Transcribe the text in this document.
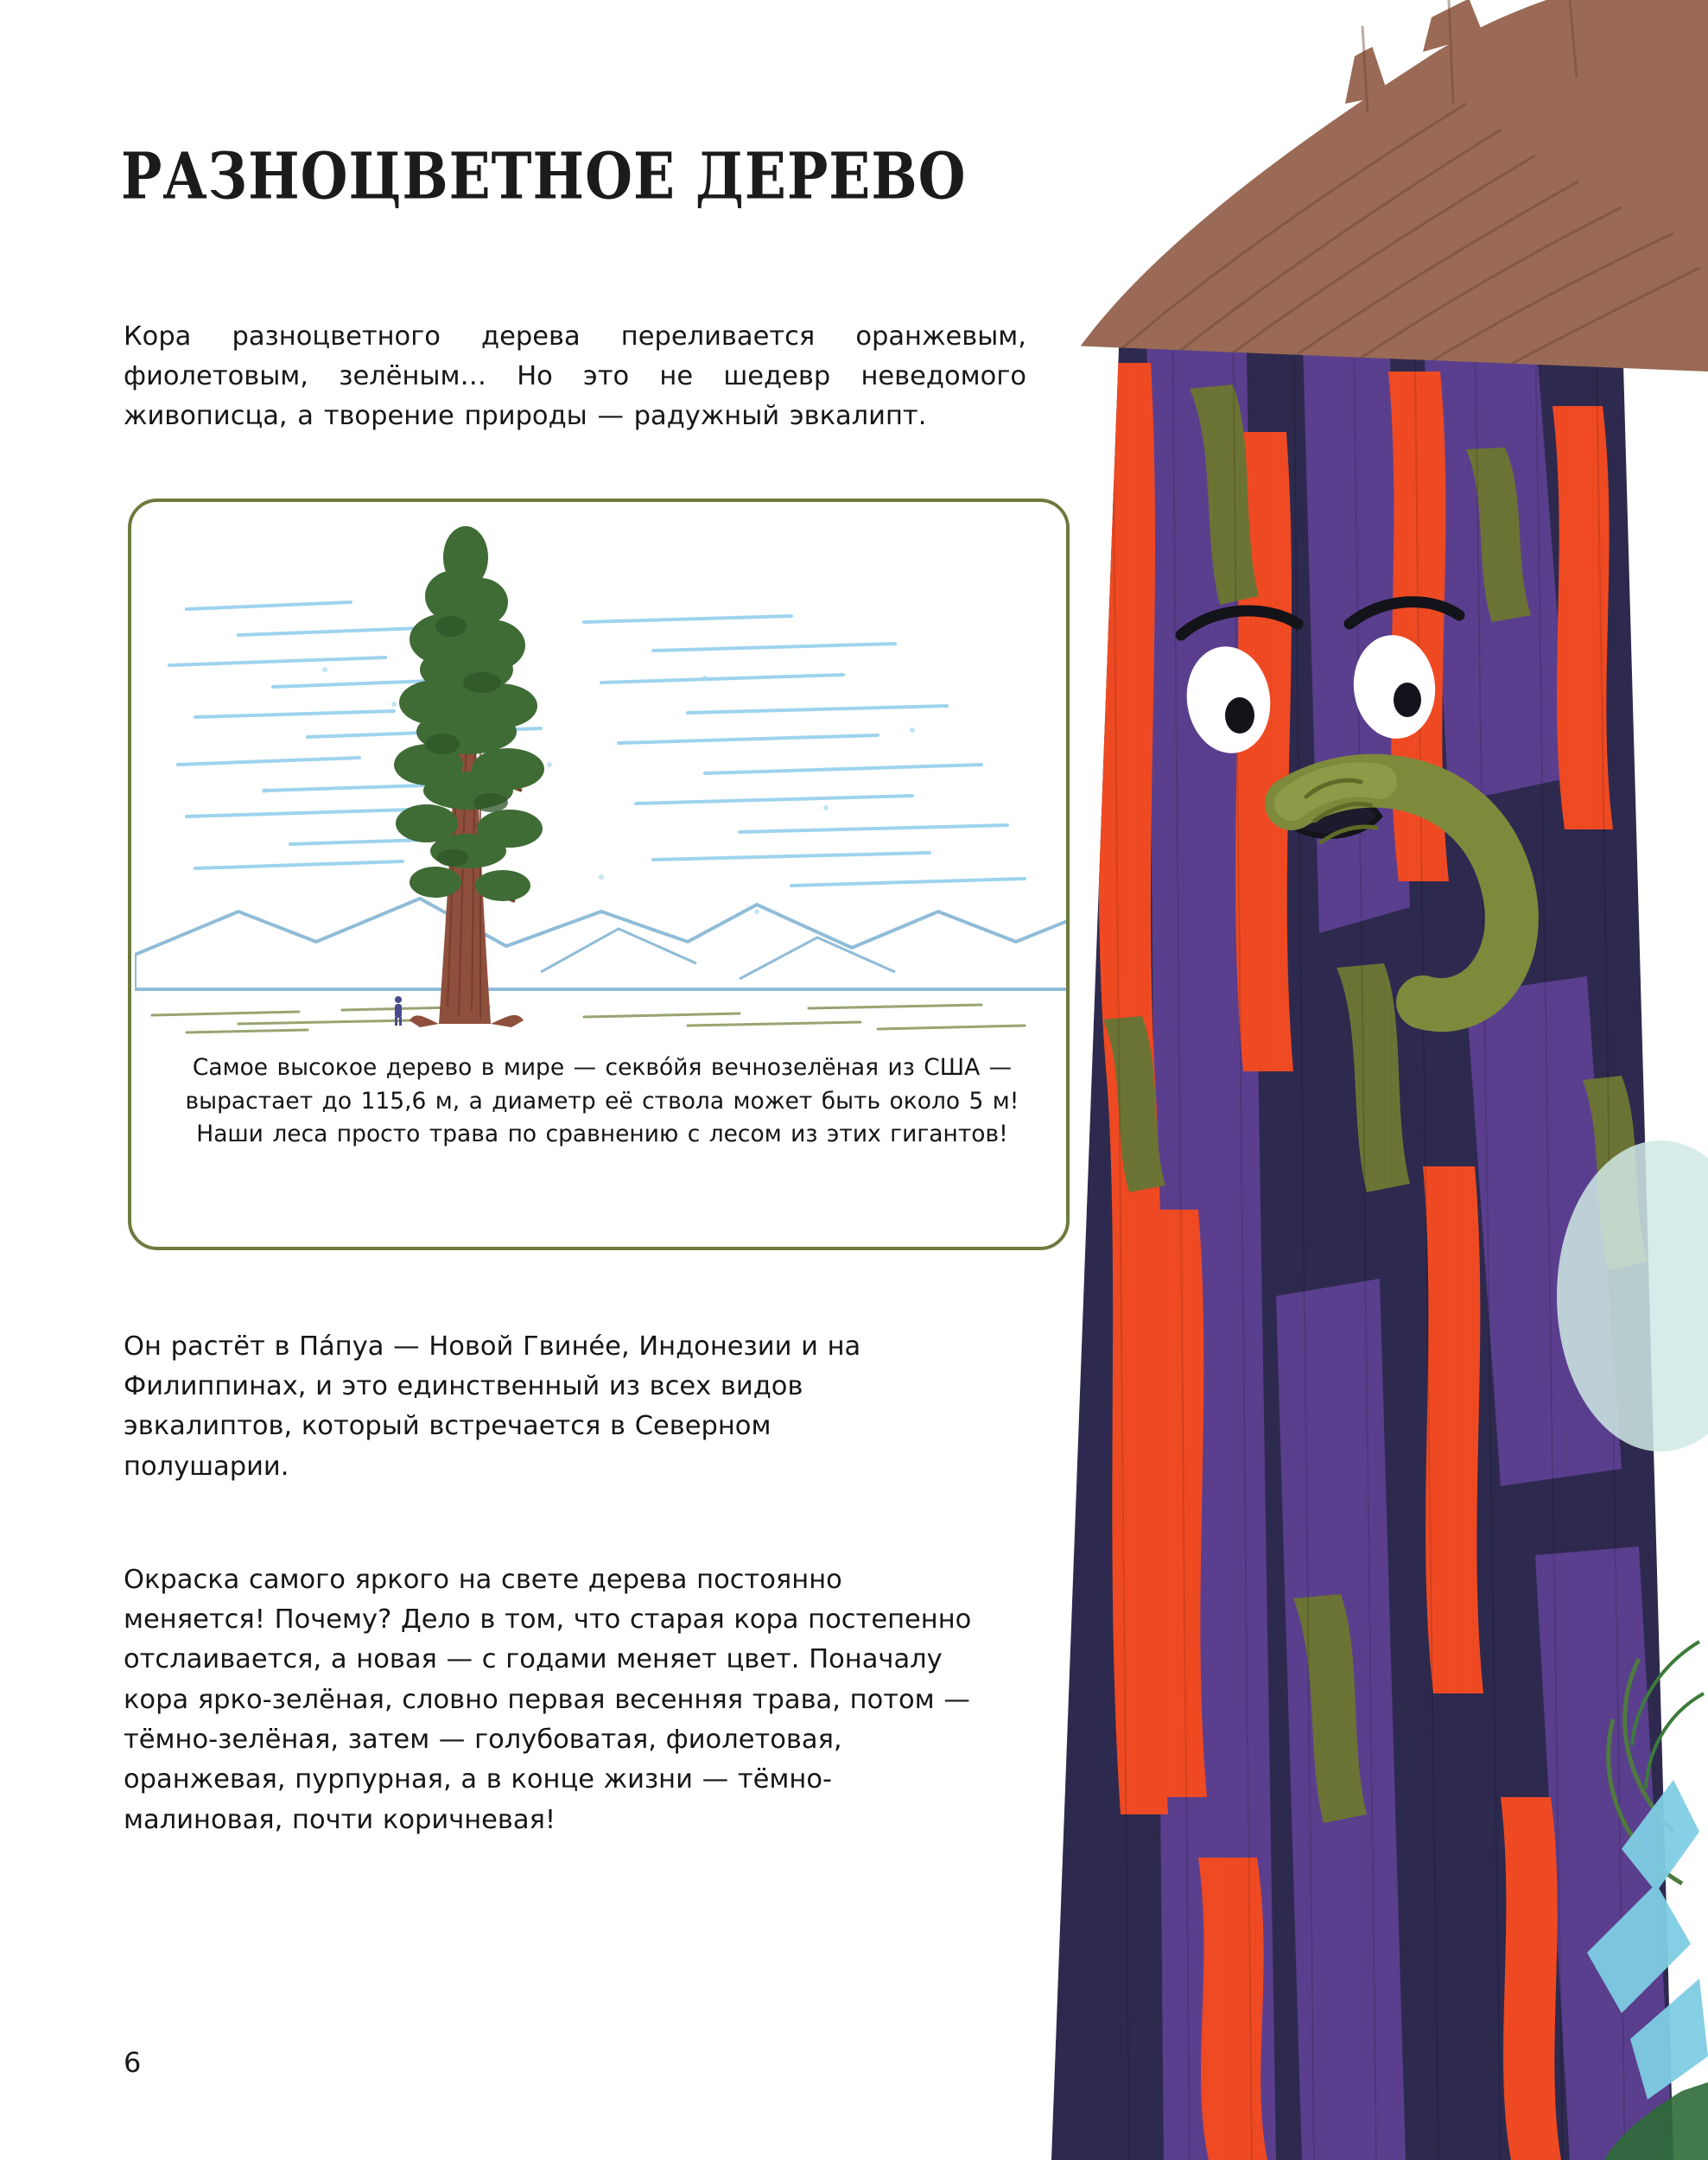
РАЗНОЦВЕТНОЕ ДЕРЕВО

Кора разноцветного дерева переливается оранжевым, фиолетовым, зелёным… Но это не шедевр неведомого живописца, а творение природы — радужный эвкалипт.

Самое высокое дерево в мире — секво́йя вечнозелёная из США — вырастает до 115,6 м, а диаметр её ствола может быть около 5 м! Наши леса просто трава по сравнению с лесом из этих гигантов!

Он растёт в Па́пуа — Новой Гвине́е, Индонезии и на Филиппинах, и это единственный из всех видов эвкалиптов, который встречается в Северном полушарии.

Окраска самого яркого на свете дерева постоянно меняется! Почему? Дело в том, что старая кора постепенно отслаивается, а новая — с годами меняет цвет. Поначалу кора ярко-зелёная, словно первая весенняя трава, потом — тёмно-зелёная, затем — голубоватая, фиолетовая, оранжевая, пурпурная, а в конце жизни — тёмно-малиновая, почти коричневая!

6
